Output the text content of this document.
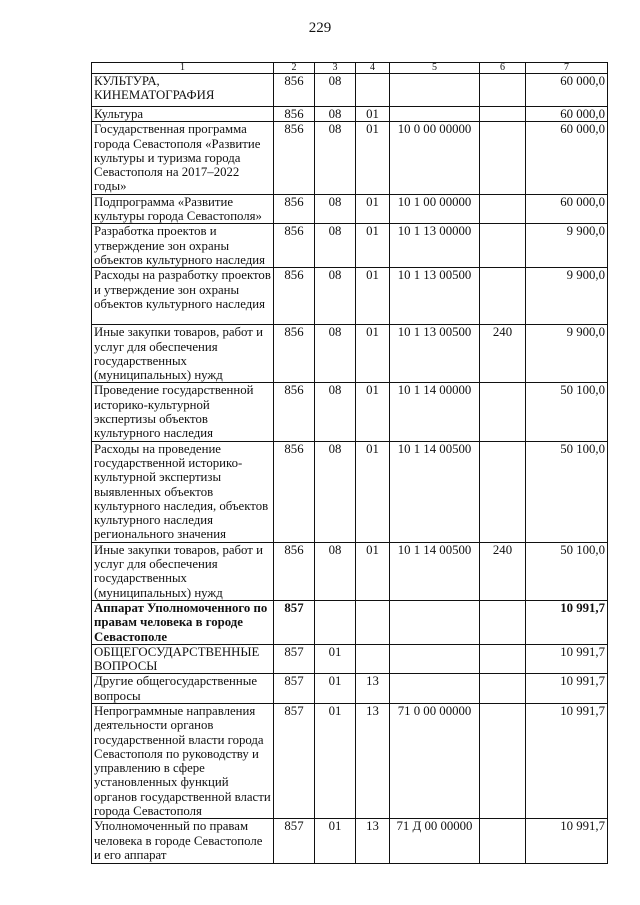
229
1	2	3	4	5	6	7
КУЛЬТУРА, КИНЕМАТОГРАФИЯ	856	08				60 000,0
Культура	856	08	01			60 000,0
Государственная программа города Севастополя «Развитие культуры и туризма города Севастополя на 2017–2022 годы»	856	08	01	10 0 00 00000		60 000,0
Подпрограмма «Развитие культуры города Севастополя»	856	08	01	10 1 00 00000		60 000,0
Разработка проектов и утверждение зон охраны объектов культурного наследия	856	08	01	10 1 13 00000		9 900,0
Расходы на разработку проектов и утверждение зон охраны объектов культурного наследия	856	08	01	10 1 13 00500		9 900,0
Иные закупки товаров, работ и услуг для обеспечения государственных (муниципальных) нужд	856	08	01	10 1 13 00500	240	9 900,0
Проведение государственной историко-культурной экспертизы объектов культурного наследия	856	08	01	10 1 14 00000		50 100,0
Расходы на проведение государственной историко-культурной экспертизы выявленных объектов культурного наследия, объектов культурного наследия регионального значения	856	08	01	10 1 14 00500		50 100,0
Иные закупки товаров, работ и услуг для обеспечения государственных (муниципальных) нужд	856	08	01	10 1 14 00500	240	50 100,0
Аппарат Уполномоченного по правам человека в городе Севастополе	857					10 991,7
ОБЩЕГОСУДАРСТВЕННЫЕ ВОПРОСЫ	857	01				10 991,7
Другие общегосударственные вопросы	857	01	13			10 991,7
Непрограммные направления деятельности органов государственной власти города Севастополя по руководству и управлению в сфере установленных функций органов государственной власти города Севастополя	857	01	13	71 0 00 00000		10 991,7
Уполномоченный по правам человека в городе Севастополе и его аппарат	857	01	13	71 Д 00 00000		10 991,7
